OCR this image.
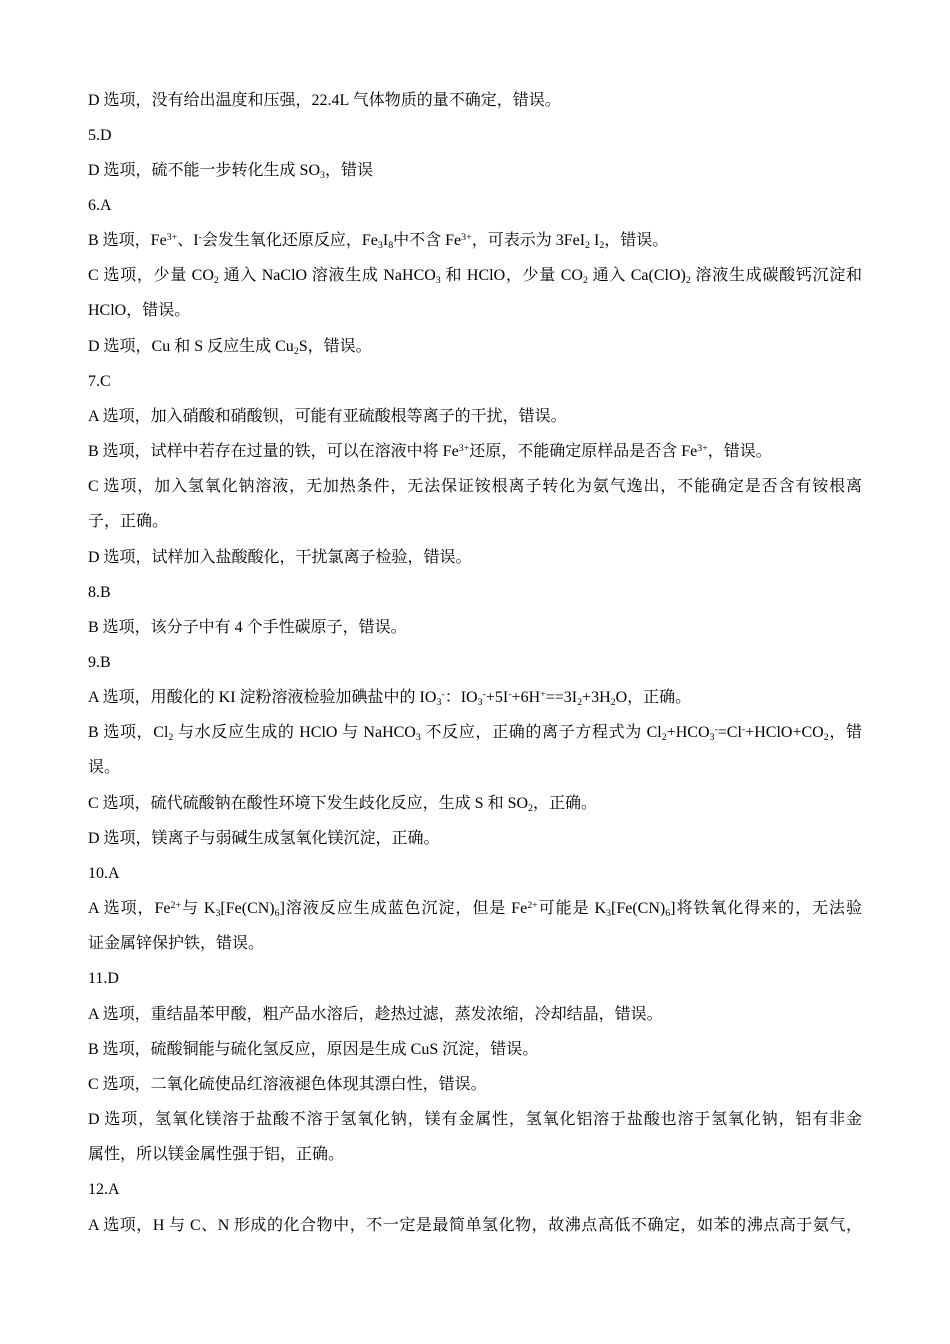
D 选项，没有给出温度和压强，22.4L 气体物质的量不确定，错误。
5.D
D 选项，硫不能一步转化生成 SO3，错误
6.A
B 选项，$Fe^{3+}$、I-会发生氧化还原反应，Fe3I8中不含 $Fe^{3+}$，可表示为 3FeI2 I2，错误。
C 选项，少量 CO2 通入 NaClO 溶液生成 NaHCO3 和 HClO，少量 CO2 通入 Ca(ClO)2 溶液生成碳酸钙沉淀和
HClO，错误。
D 选项，Cu 和 S 反应生成 Cu2S，错误。
7.C
A 选项，加入硝酸和硝酸钡，可能有亚硫酸根等离子的干扰，错误。
B 选项，试样中若存在过量的铁，可以在溶液中将 $Fe^{3+}$还原，不能确定原样品是否含 $Fe^{3+}$，错误。
C 选项，加入氢氧化钠溶液，无加热条件，无法保证铵根离子转化为氨气逸出，不能确定是否含有铵根离
子，正确。
D 选项，试样加入盐酸酸化，干扰氯离子检验，错误。
8.B
B 选项，该分子中有 4 个手性碳原子，错误。
9.B
A 选项，用酸化的 KI 淀粉溶液检验加碘盐中的 IO3-：IO3-+5I-+6H+==3I2+3H2O，正确。
B 选项，Cl2 与水反应生成的 HClO 与 NaHCO3 不反应，正确的离子方程式为 Cl2+HCO3-=Cl-+HClO+CO2，错
误。
C 选项，硫代硫酸钠在酸性环境下发生歧化反应，生成 S 和 SO2，正确。
D 选项，镁离子与弱碱生成氢氧化镁沉淀，正确。
10.A
A 选项，$Fe^{2+}$与 K3[Fe(CN)6]溶液反应生成蓝色沉淀，但是 $Fe^{2+}$可能是 K3[Fe(CN)6]将铁氧化得来的，无法验
证金属锌保护铁，错误。
11.D
A 选项，重结晶苯甲酸，粗产品水溶后，趁热过滤，蒸发浓缩，冷却结晶，错误。
B 选项，硫酸铜能与硫化氢反应，原因是生成 CuS 沉淀，错误。
C 选项，二氧化硫使品红溶液褪色体现其漂白性，错误。
D 选项，氢氧化镁溶于盐酸不溶于氢氧化钠，镁有金属性，氢氧化铝溶于盐酸也溶于氢氧化钠，铝有非金
属性，所以镁金属性强于铝，正确。
12.A
A 选项，H 与 C、N 形成的化合物中，不一定是最简单氢化物，故沸点高低不确定，如苯的沸点高于氨气，
